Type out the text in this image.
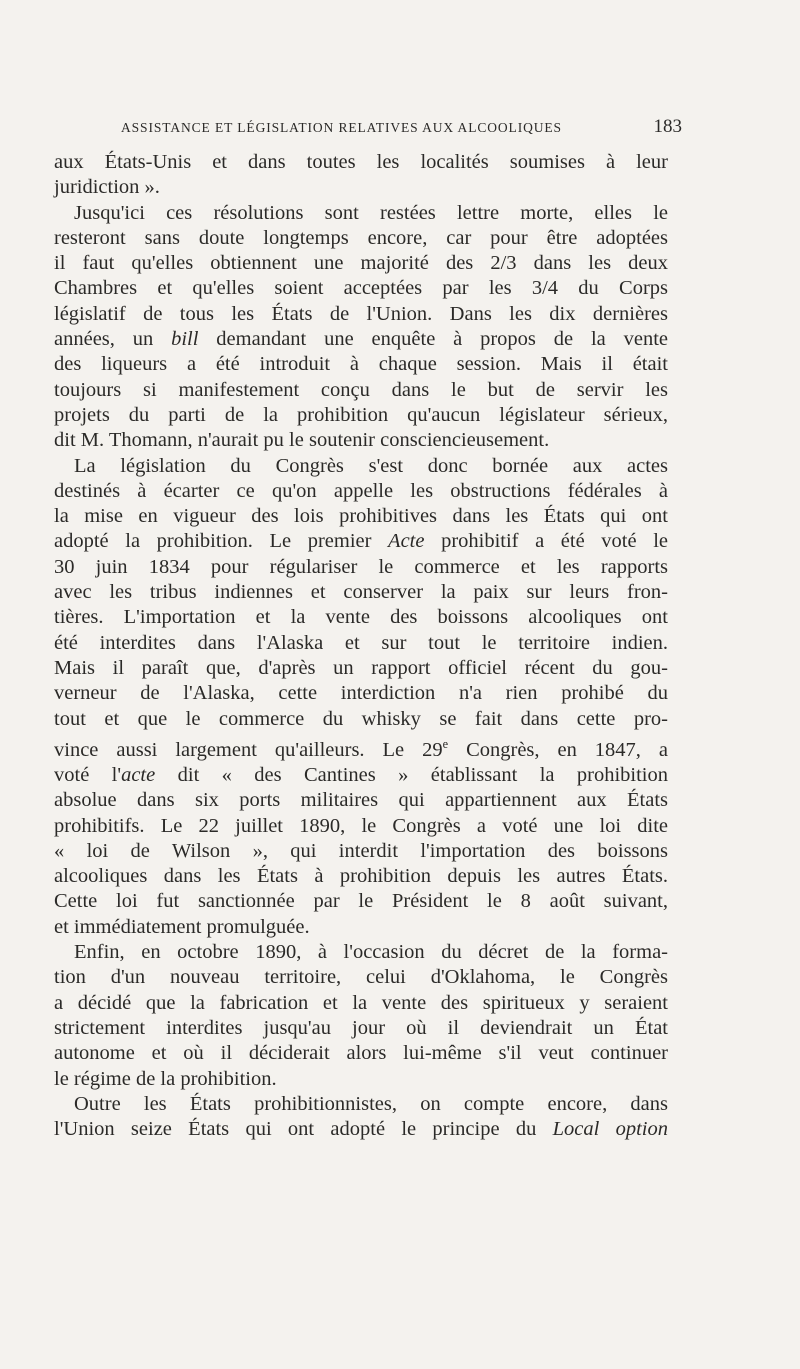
ASSISTANCE ET LÉGISLATION RELATIVES AUX ALCOOLIQUES	183
aux États-Unis et dans toutes les localités soumises à leur
juridiction ».
Jusqu'ici ces résolutions sont restées lettre morte, elles le
resteront sans doute longtemps encore, car pour être adoptées
il faut qu'elles obtiennent une majorité des 2/3 dans les deux
Chambres et qu'elles soient acceptées par les 3/4 du Corps
législatif de tous les États de l'Union. Dans les dix dernières
années, un bill demandant une enquête à propos de la vente
des liqueurs a été introduit à chaque session. Mais il était
toujours si manifestement conçu dans le but de servir les
projets du parti de la prohibition qu'aucun législateur sérieux,
dit M. Thomann, n'aurait pu le soutenir consciencieusement.
La législation du Congrès s'est donc bornée aux actes
destinés à écarter ce qu'on appelle les obstructions fédérales à
la mise en vigueur des lois prohibitives dans les États qui ont
adopté la prohibition. Le premier Acte prohibitif a été voté le
30 juin 1834 pour régulariser le commerce et les rapports
avec les tribus indiennes et conserver la paix sur leurs fron-
tières. L'importation et la vente des boissons alcooliques ont
été interdites dans l'Alaska et sur tout le territoire indien.
Mais il paraît que, d'après un rapport officiel récent du gou-
verneur de l'Alaska, cette interdiction n'a rien prohibé du
tout et que le commerce du whisky se fait dans cette pro-
vince aussi largement qu'ailleurs. Le 29e Congrès, en 1847, a
voté l'acte dit « des Cantines » établissant la prohibition
absolue dans six ports militaires qui appartiennent aux États
prohibitifs. Le 22 juillet 1890, le Congrès a voté une loi dite
« loi de Wilson », qui interdit l'importation des boissons
alcooliques dans les États à prohibition depuis les autres États.
Cette loi fut sanctionnée par le Président le 8 août suivant,
et immédiatement promulguée.
Enfin, en octobre 1890, à l'occasion du décret de la forma-
tion d'un nouveau territoire, celui d'Oklahoma, le Congrès
a décidé que la fabrication et la vente des spiritueux y seraient
strictement interdites jusqu'au jour où il deviendrait un État
autonome et où il déciderait alors lui-même s'il veut continuer
le régime de la prohibition.
Outre les États prohibitionnistes, on compte encore, dans
l'Union seize États qui ont adopté le principe du Local option
